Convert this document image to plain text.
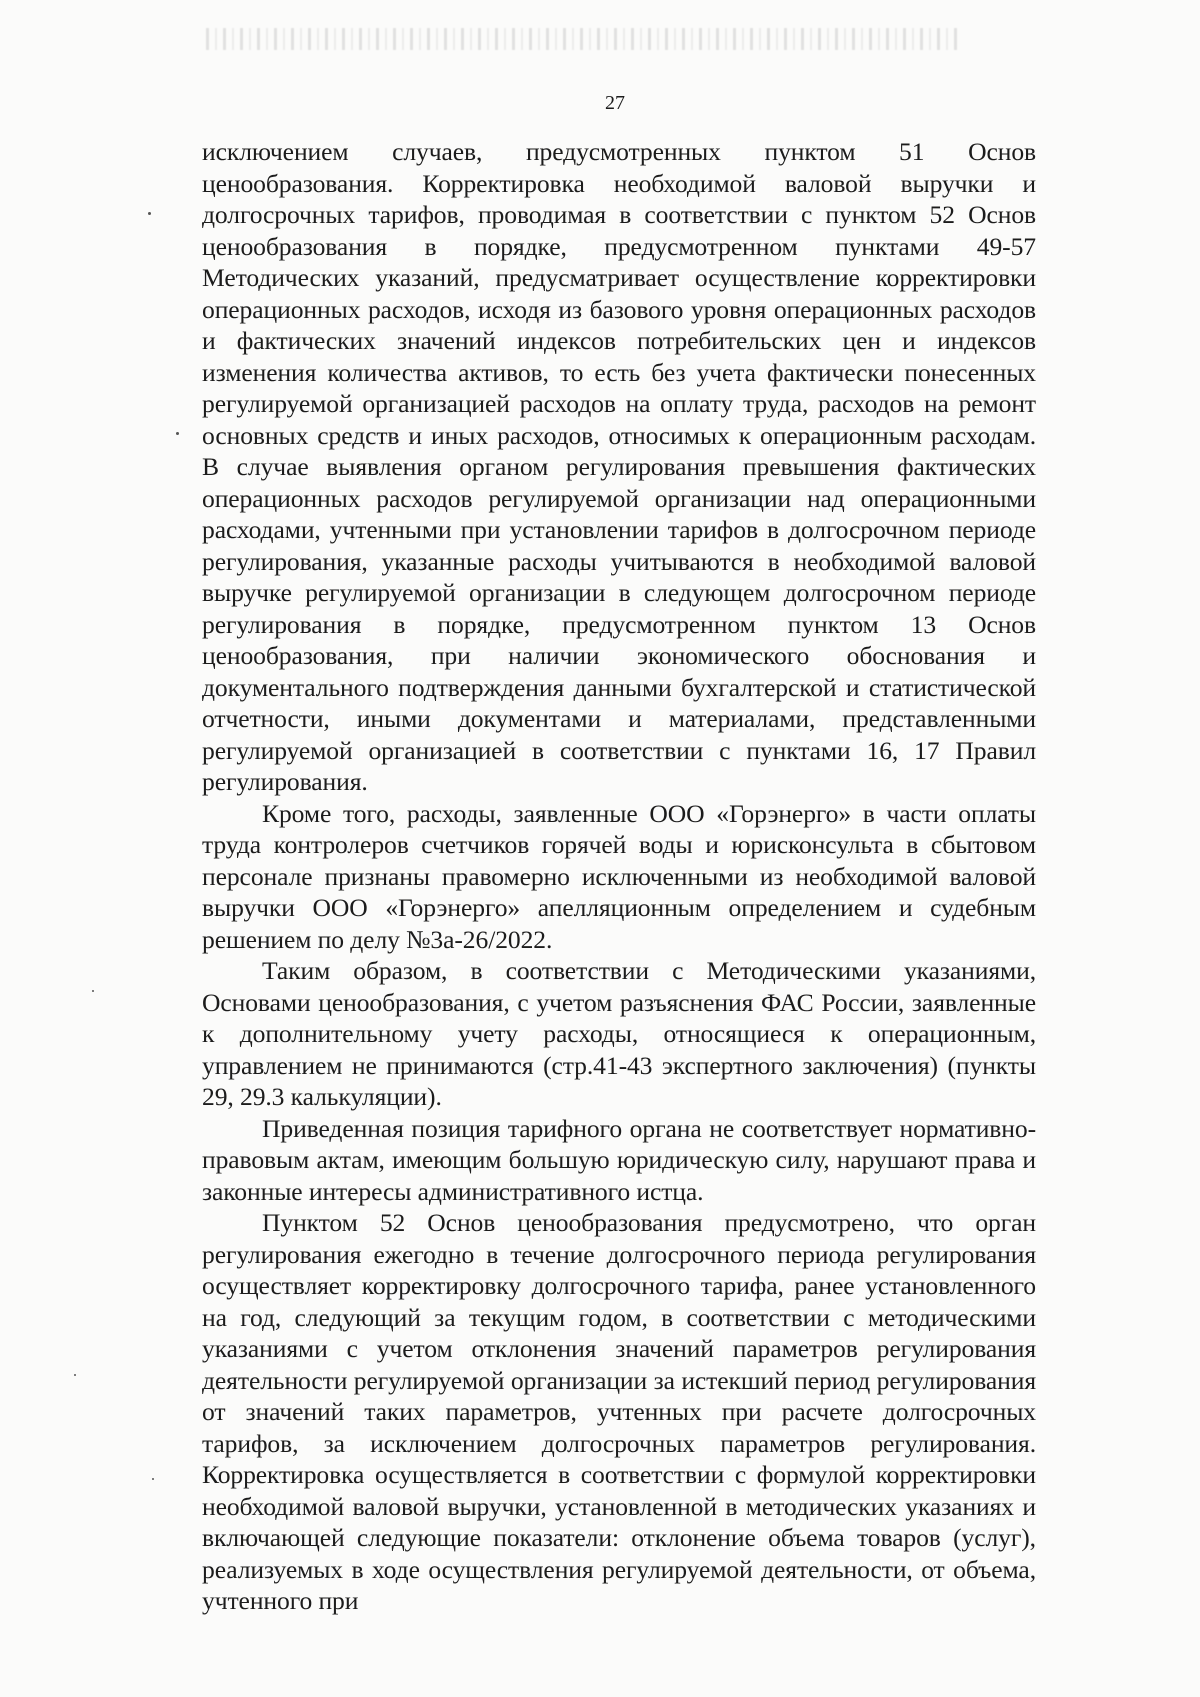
27

исключением случаев, предусмотренных пунктом 51 Основ ценообразования. Корректировка необходимой валовой выручки и долгосрочных тарифов, проводимая в соответствии с пунктом 52 Основ ценообразования в порядке, предусмотренном пунктами 49-57 Методических указаний, предусматривает осуществление корректировки операционных расходов, исходя из базового уровня операционных расходов и фактических значений индексов потребительских цен и индексов изменения количества активов, то есть без учета фактически понесенных регулируемой организацией расходов на оплату труда, расходов на ремонт основных средств и иных расходов, относимых к операционным расходам. В случае выявления органом регулирования превышения фактических операционных расходов регулируемой организации над операционными расходами, учтенными при установлении тарифов в долгосрочном периоде регулирования, указанные расходы учитываются в необходимой валовой выручке регулируемой организации в следующем долгосрочном периоде регулирования в порядке, предусмотренном пунктом 13 Основ ценообразования, при наличии экономического обоснования и документального подтверждения данными бухгалтерской и статистической отчетности, иными документами и материалами, представленными регулируемой организацией в соответствии с пунктами 16, 17 Правил регулирования.

Кроме того, расходы, заявленные ООО «Горэнерго» в части оплаты труда контролеров счетчиков горячей воды и юрисконсульта в сбытовом персонале признаны правомерно исключенными из необходимой валовой выручки ООО «Горэнерго» апелляционным определением и судебным решением по делу №3а-26/2022.

Таким образом, в соответствии с Методическими указаниями, Основами ценообразования, с учетом разъяснения ФАС России, заявленные к дополнительному учету расходы, относящиеся к операционным, управлением не принимаются (стр.41-43 экспертного заключения) (пункты 29, 29.3 калькуляции).

Приведенная позиция тарифного органа не соответствует нормативно-правовым актам, имеющим большую юридическую силу, нарушают права и законные интересы административного истца.

Пунктом 52 Основ ценообразования предусмотрено, что орган регулирования ежегодно в течение долгосрочного периода регулирования осуществляет корректировку долгосрочного тарифа, ранее установленного на год, следующий за текущим годом, в соответствии с методическими указаниями с учетом отклонения значений параметров регулирования деятельности регулируемой организации за истекший период регулирования от значений таких параметров, учтенных при расчете долгосрочных тарифов, за исключением долгосрочных параметров регулирования. Корректировка осуществляется в соответствии с формулой корректировки необходимой валовой выручки, установленной в методических указаниях и включающей следующие показатели: отклонение объема товаров (услуг), реализуемых в ходе осуществления регулируемой деятельности, от объема, учтенного при
